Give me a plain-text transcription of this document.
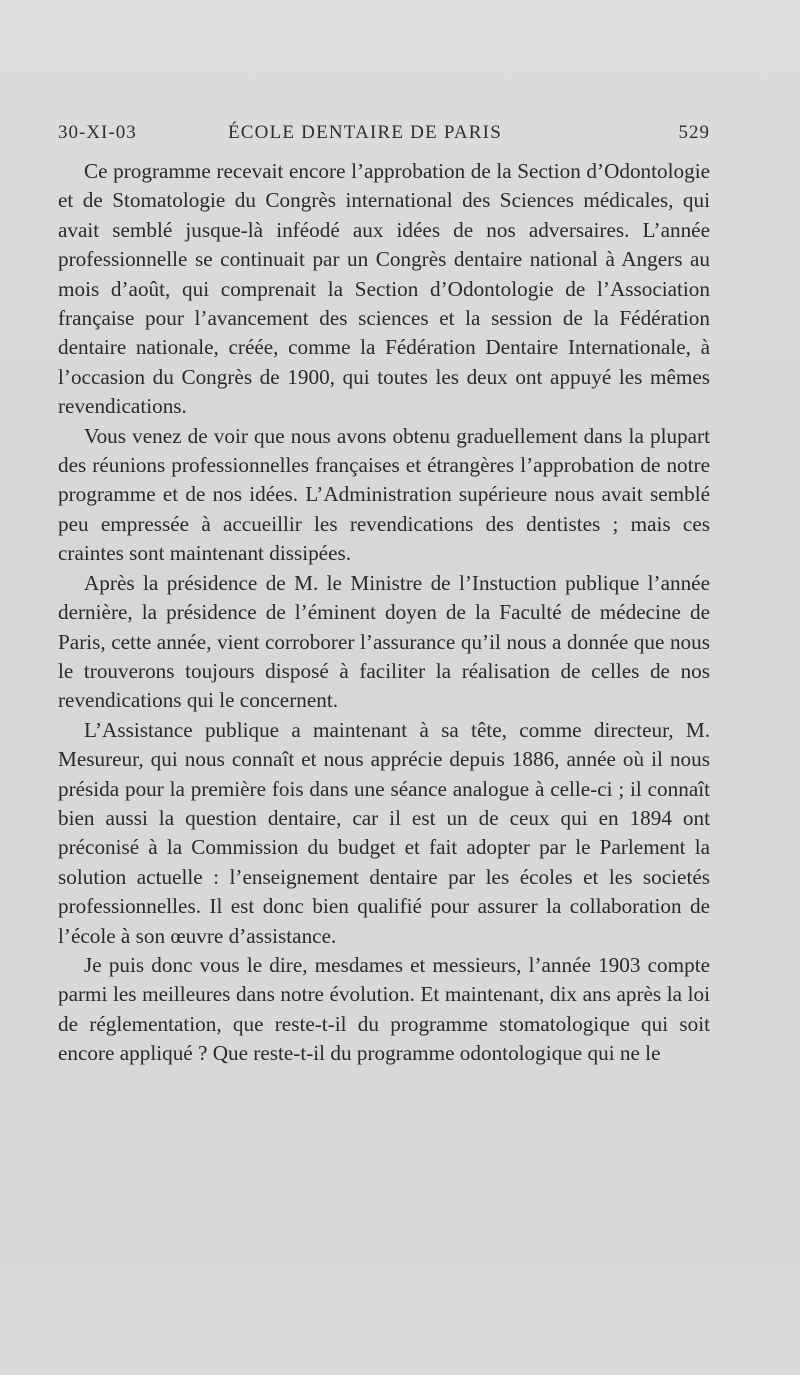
30-XI-03	ÉCOLE DENTAIRE DE PARIS	529

Ce programme recevait encore l’approbation de la Section d’Odontologie et de Stomatologie du Congrès international des Sciences médicales, qui avait semblé jusque-là inféodé aux idées de nos adversaires. L’année professionnelle se continuait par un Congrès dentaire national à Angers au mois d’août, qui comprenait la Section d’Odontologie de l’Association française pour l’avancement des sciences et la session de la Fédération dentaire nationale, créée, comme la Fédération Dentaire Internationale, à l’occasion du Congrès de 1900, qui toutes les deux ont appuyé les mêmes revendications.

Vous venez de voir que nous avons obtenu graduellement dans la plupart des réunions professionnelles françaises et étrangères l’approbation de notre programme et de nos idées. L’Administration supérieure nous avait semblé peu empressée à accueillir les revendications des dentistes ; mais ces craintes sont maintenant dissipées.

Après la présidence de M. le Ministre de l’Instuction publique l’année dernière, la présidence de l’éminent doyen de la Faculté de médecine de Paris, cette année, vient corroborer l’assurance qu’il nous a donnée que nous le trouverons toujours disposé à faciliter la réalisation de celles de nos revendications qui le concernent.

L’Assistance publique a maintenant à sa tête, comme directeur, M. Mesureur, qui nous connaît et nous apprécie depuis 1886, année où il nous présida pour la première fois dans une séance analogue à celle-ci ; il connaît bien aussi la question dentaire, car il est un de ceux qui en 1894 ont préconisé à la Commission du budget et fait adopter par le Parlement la solution actuelle : l’enseignement dentaire par les écoles et les societés professionnelles. Il est donc bien qualifié pour assurer la collaboration de l’école à son œuvre d’assistance.

Je puis donc vous le dire, mesdames et messieurs, l’année 1903 compte parmi les meilleures dans notre évolution. Et maintenant, dix ans après la loi de réglementation, que reste-t-il du programme stomatologique qui soit encore appliqué ? Que reste-t-il du programme odontologique qui ne le
